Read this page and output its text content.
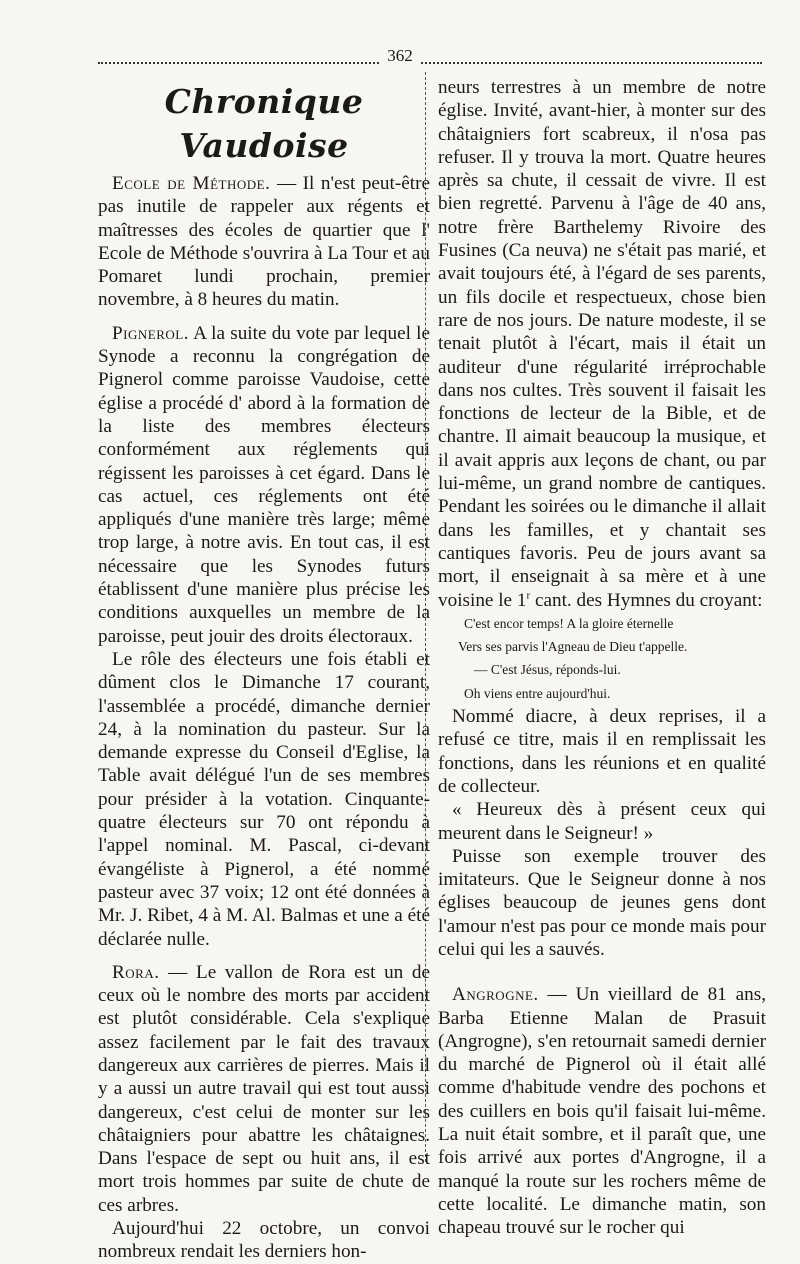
362
Chronique Vaudoise

Ecole de Méthode. — Il n'est peut-être pas inutile de rappeler aux régents et maîtresses des écoles de quartier que l' Ecole de Méthode s'ouvrira à La Tour et au Pomaret lundi prochain, premier novembre, à 8 heures du matin.

Pignerol. A la suite du vote par lequel le Synode a reconnu la congrégation de Pignerol comme paroisse Vaudoise, cette église a procédé d' abord à la formation de la liste des membres électeurs conformément aux réglements qui régissent les paroisses à cet égard. Dans le cas actuel, ces réglements ont été appliqués d'une manière très large; même trop large, à notre avis. En tout cas, il est nécessaire que les Synodes futurs établissent d'une manière plus précise les conditions auxquelles un membre de la paroisse, peut jouir des droits électoraux.

Le rôle des électeurs une fois établi et dûment clos le Dimanche 17 courant, l'assemblée a procédé, dimanche dernier 24, à la nomination du pasteur. Sur la demande expresse du Conseil d'Eglise, la Table avait délégué l'un de ses membres pour présider à la votation. Cinquante-quatre électeurs sur 70 ont répondu à l'appel nominal. M. Pascal, ci-devant évangéliste à Pignerol, a été nommé pasteur avec 37 voix; 12 ont été données à Mr. J. Ribet, 4 à M. Al. Balmas et une a été déclarée nulle.

Rora. — Le vallon de Rora est un de ceux où le nombre des morts par accident est plutôt considérable. Cela s'explique assez facilement par le fait des travaux dangereux aux carrières de pierres. Mais il y a aussi un autre travail qui est tout aussi dangereux, c'est celui de monter sur les châtaigniers pour abattre les châtaignes. Dans l'espace de sept ou huit ans, il est mort trois hommes par suite de chute de ces arbres.

Aujourd'hui 22 octobre, un convoi nombreux rendait les derniers hon-

neurs terrestres à un membre de notre église. Invité, avant-hier, à monter sur des châtaigniers fort scabreux, il n'osa pas refuser. Il y trouva la mort. Quatre heures après sa chute, il cessait de vivre. Il est bien regretté. Parvenu à l'âge de 40 ans, notre frère Barthelemy Rivoire des Fusines (Ca neuva) ne s'était pas marié, et avait toujours été, à l'égard de ses parents, un fils docile et respectueux, chose bien rare de nos jours. De nature modeste, il se tenait plutôt à l'écart, mais il était un auditeur d'une régularité irréprochable dans nos cultes. Très souvent il faisait les fonctions de lecteur de la Bible, et de chantre. Il aimait beaucoup la musique, et il avait appris aux leçons de chant, ou par lui-même, un grand nombre de cantiques. Pendant les soirées ou le dimanche il allait dans les familles, et y chantait ses cantiques favoris. Peu de jours avant sa mort, il enseignait à sa mère et à une voisine le 1$^r$ cant. des Hymnes du croyant:

C'est encor temps! A la gloire éternelle
Vers ses parvis l'Agneau de Dieu t'appelle.
— C'est Jésus, réponds-lui.
Oh viens entre aujourd'hui.

Nommé diacre, à deux reprises, il a refusé ce titre, mais il en remplissait les fonctions, dans les réunions et en qualité de collecteur.

« Heureux dès à présent ceux qui meurent dans le Seigneur! »

Puisse son exemple trouver des imitateurs. Que le Seigneur donne à nos églises beaucoup de jeunes gens dont l'amour n'est pas pour ce monde mais pour celui qui les a sauvés.

Angrogne. — Un vieillard de 81 ans, Barba Etienne Malan de Prasuit (Angrogne), s'en retournait samedi dernier du marché de Pignerol où il était allé comme d'habitude vendre des pochons et des cuillers en bois qu'il faisait lui-même. La nuit était sombre, et il paraît que, une fois arrivé aux portes d'Angrogne, il a manqué la route sur les rochers même de cette localité. Le dimanche matin, son chapeau trouvé sur le rocher qui
